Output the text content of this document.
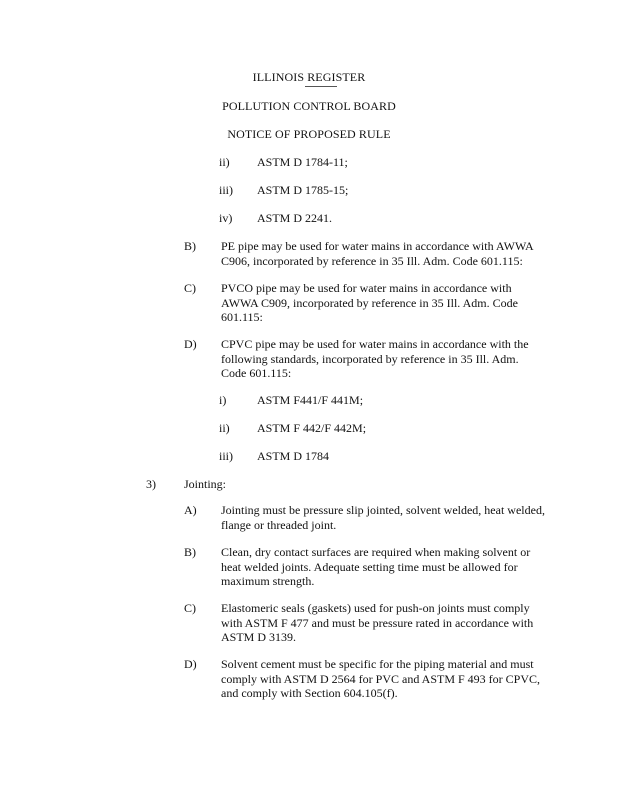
ILLINOIS REGISTER
POLLUTION CONTROL BOARD
NOTICE OF PROPOSED RULE
ii) ASTM D 1784-11;
iii) ASTM D 1785-15;
iv) ASTM D 2241.
B) PE pipe may be used for water mains in accordance with AWWA
C906, incorporated by reference in 35 Ill. Adm. Code 601.115:
C) PVCO pipe may be used for water mains in accordance with
AWWA C909, incorporated by reference in 35 Ill. Adm. Code
601.115:
D) CPVC pipe may be used for water mains in accordance with the
following standards, incorporated by reference in 35 Ill. Adm.
Code 601.115:
i)	ASTM F441/F 441M;
ii) ASTM F 442/F 442M;
iii) ASTM D 1784
3) Jointing:
A) Jointing must be pressure slip jointed, solvent welded, heat welded,
flange or threaded joint.
B) Clean, dry contact surfaces are required when making solvent or
heat welded joints. Adequate setting time must be allowed for
maximum strength.
C) Elastomeric seals (gaskets) used for push-on joints must comply
with ASTM F 477 and must be pressure rated in accordance with
ASTM D 3139.
D) Solvent cement must be specific for the piping material and must
comply with ASTM D 2564 for PVC and ASTM F 493 for CPVC,
and comply with Section 604.105(f).
